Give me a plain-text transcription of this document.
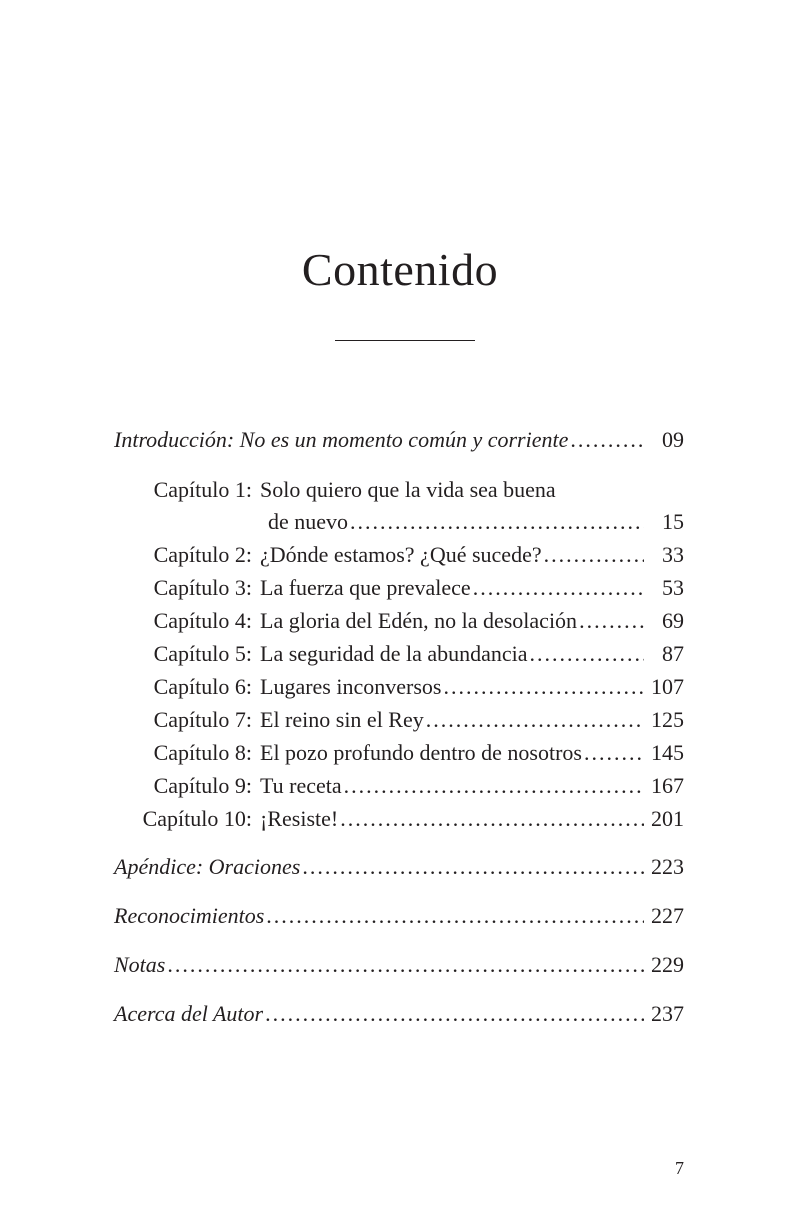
Contenido
Introducción: No es un momento común y corriente .....	09
Capítulo 1: Solo quiero que la vida sea buena
de nuevo .....	15
Capítulo 2: ¿Dónde estamos? ¿Qué sucede? .....	33
Capítulo 3: La fuerza que prevalece .....	53
Capítulo 4: La gloria del Edén, no la desolación .....	69
Capítulo 5: La seguridad de la abundancia .....	87
Capítulo 6: Lugares inconversos .....	107
Capítulo 7: El reino sin el Rey .....	125
Capítulo 8: El pozo profundo dentro de nosotros .....	145
Capítulo 9: Tu receta .....	167
Capítulo 10: ¡Resiste! .....	201
Apéndice: Oraciones .....	223
Reconocimientos .....	227
Notas .....	229
Acerca del Autor .....	237
7
